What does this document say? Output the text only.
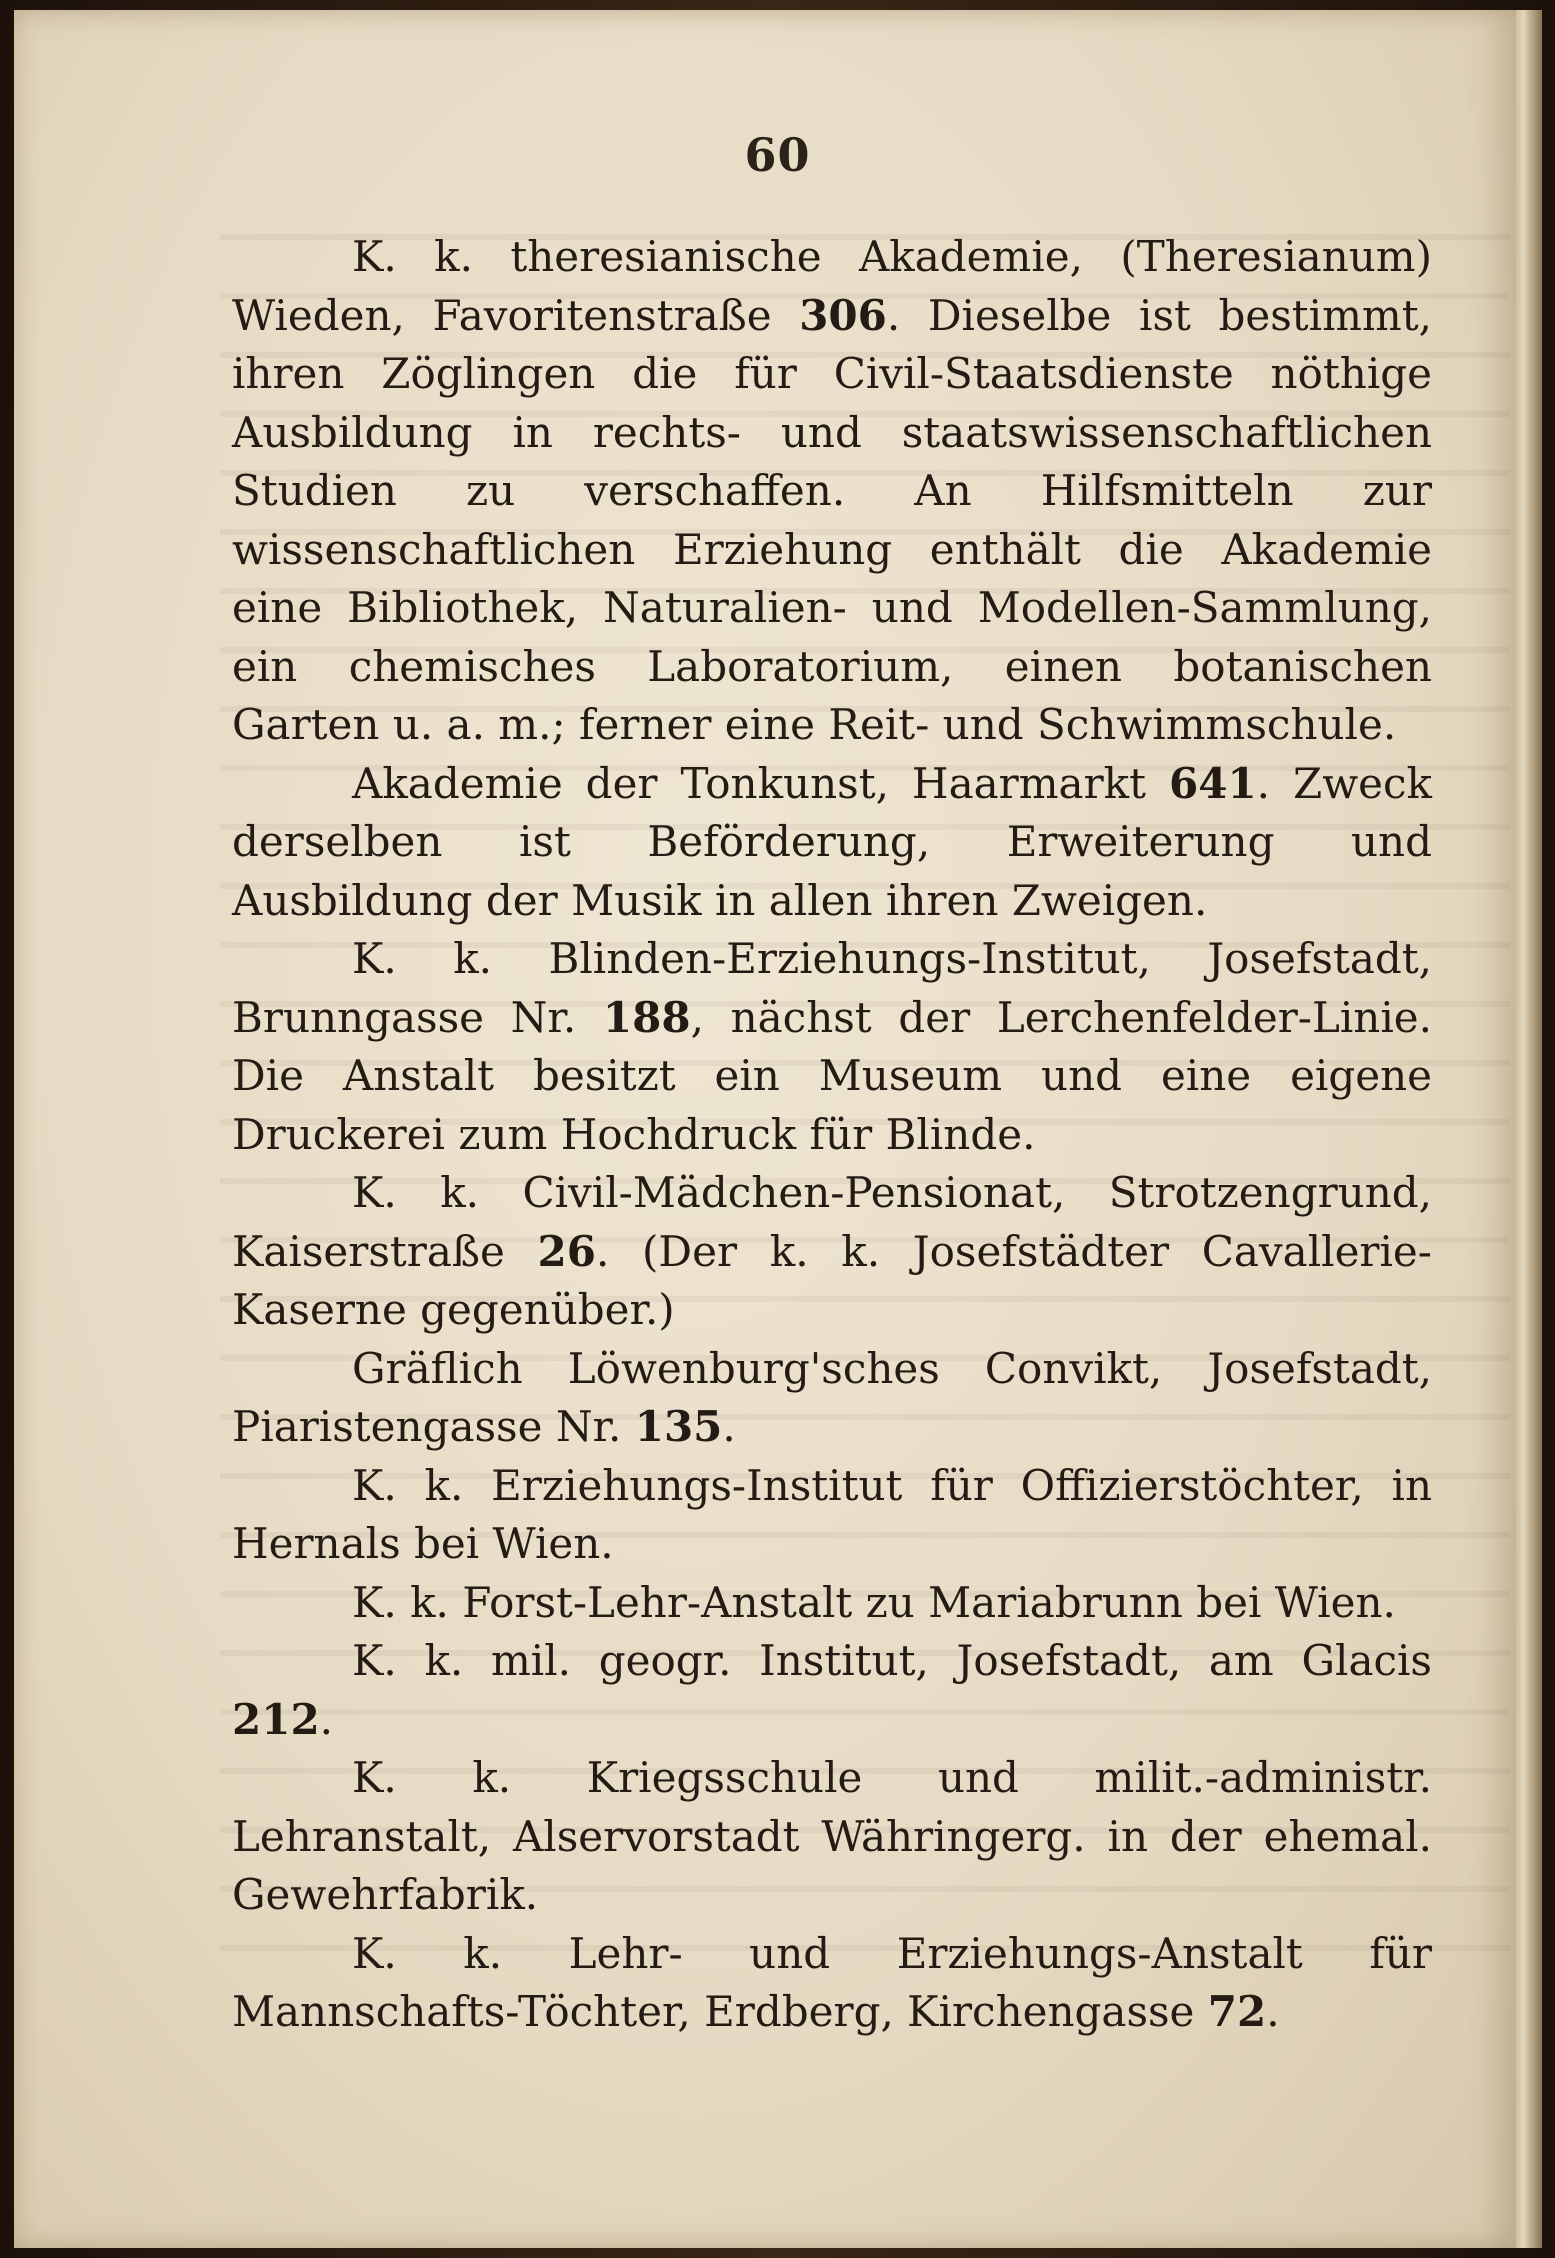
60

K. k. theresianische Akademie, (Theresianum) Wieden, Favoritenstraße 306. Dieselbe ist bestimmt, ihren Zöglingen die für Civil-Staatsdienste nöthige Ausbildung in rechts- und staatswissenschaftlichen Studien zu verschaffen. An Hilfsmitteln zur wissenschaftlichen Erziehung enthält die Akademie eine Bibliothek, Naturalien- und Modellen-Sammlung, ein chemisches Laboratorium, einen botanischen Garten u. a. m.; ferner eine Reit- und Schwimmschule.

Akademie der Tonkunst, Haarmarkt 641. Zweck derselben ist Beförderung, Erweiterung und Ausbildung der Musik in allen ihren Zweigen.

K. k. Blinden-Erziehungs-Institut, Josefstadt, Brunngasse Nr. 188, nächst der Lerchenfelder-Linie. Die Anstalt besitzt ein Museum und eine eigene Druckerei zum Hochdruck für Blinde.

K. k. Civil-Mädchen-Pensionat, Strotzengrund, Kaiserstraße 26. (Der k. k. Josefstädter Cavallerie-Kaserne gegenüber.)

Gräflich Löwenburg'sches Convikt, Josefstadt, Piaristengasse Nr. 135.

K. k. Erziehungs-Institut für Offizierstöchter, in Hernals bei Wien.

K. k. Forst-Lehr-Anstalt zu Mariabrunn bei Wien.

K. k. mil. geogr. Institut, Josefstadt, am Glacis 212.

K. k. Kriegsschule und milit.-administr. Lehranstalt, Alservorstadt Währingerg. in der ehemal. Gewehrfabrik.

K. k. Lehr- und Erziehungs-Anstalt für Mannschafts-Töchter, Erdberg, Kirchengasse 72.
